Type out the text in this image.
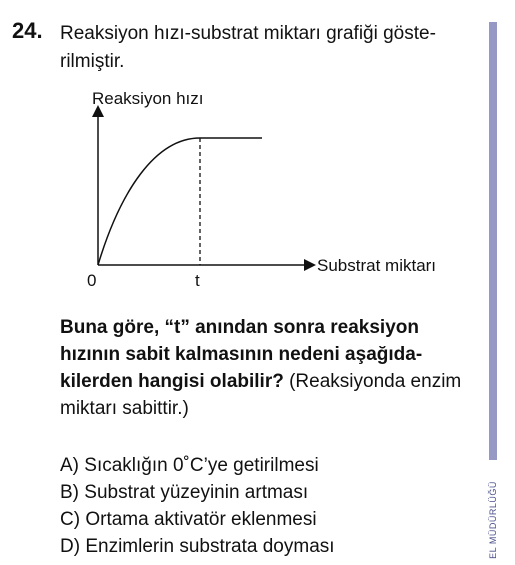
24. Reaksiyon hızı-substrat miktarı grafiği göste-
rilmiştir.
Reaksiyon hızı
Substrat miktarı
0	t
Buna göre, “t” anından sonra reaksiyon hızının sabit kalmasının nedeni aşağıda-kilerden hangisi olabilir? (Reaksiyonda enzim miktarı sabittir.)
A) Sıcaklığın 0˚C’ye getirilmesi
B) Substrat yüzeyinin artması
C) Ortama aktivatör eklenmesi
D) Enzimlerin substrata doyması	EL MÜDÜRLÜĞÜ
